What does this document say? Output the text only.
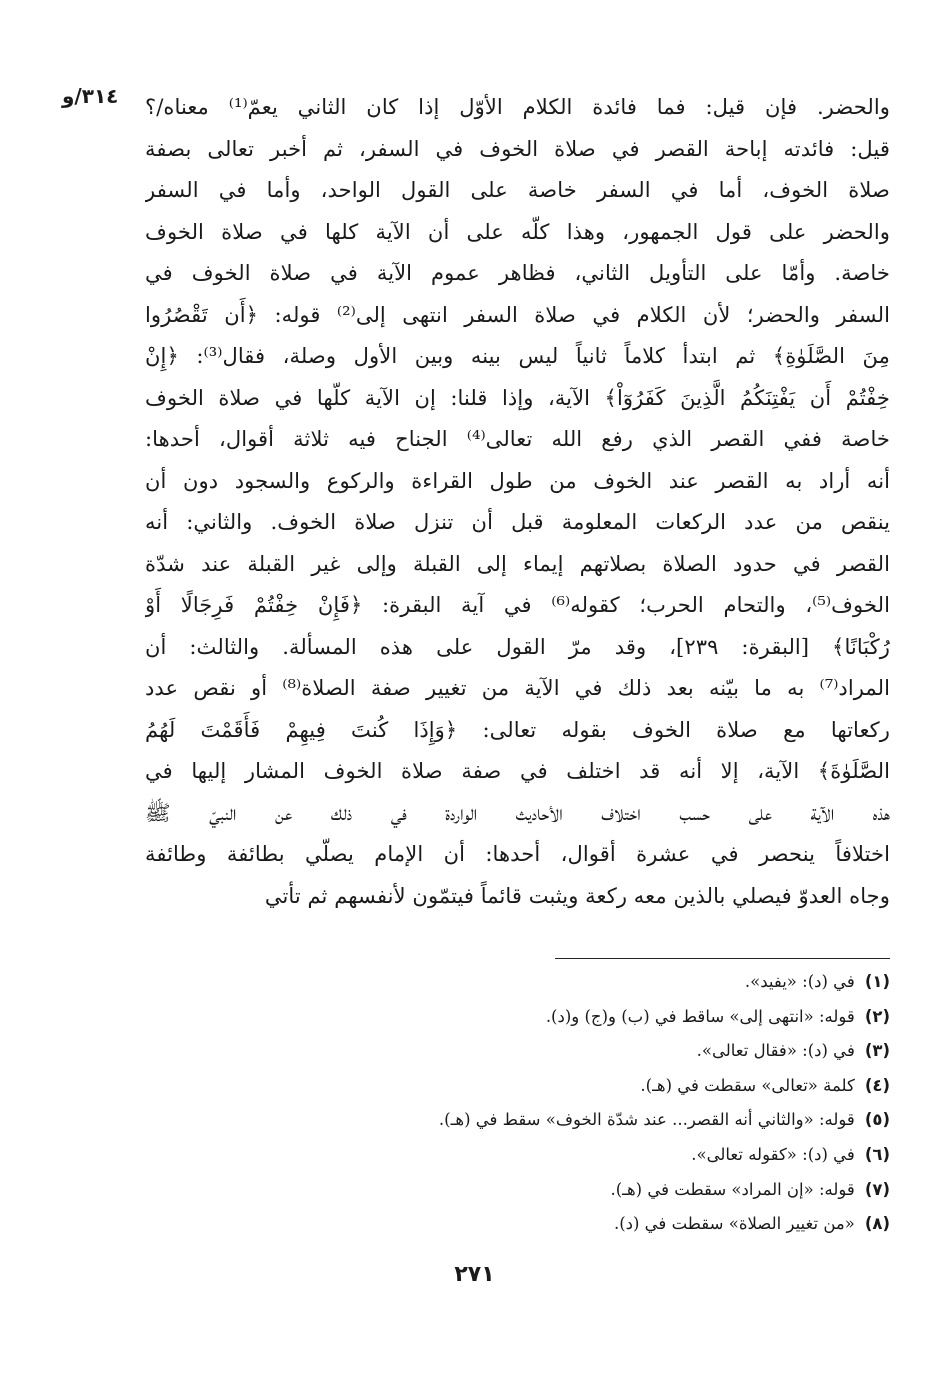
٣١٤/و والحضر. فإن قيل: فما فائدة الكلام الأوّل إذا كان الثاني يعمّ⁽¹⁾ معناه/؟
قيل: فائدته إباحة القصر في صلاة الخوف في السفر، ثم أخبر تعالى بصفة
صلاة الخوف، أما في السفر خاصة على القول الواحد، وأما في السفر
والحضر على قول الجمهور، وهذا كلّه على أن الآية كلها في صلاة الخوف
خاصة. وأمّا على التأويل الثاني، فظاهر عموم الآية في صلاة الخوف في
السفر والحضر؛ لأن الكلام في صلاة السفر انتهى إلى⁽²⁾ قوله: ﴿أَن تَقْصُرُوا
مِنَ الصَّلَوٰةِ﴾ ثم ابتدأ كلاماً ثانياً ليس بينه وبين الأول وصلة، فقال⁽³⁾: ﴿إِنْ
خِفْتُمْ أَن يَفْتِنَكُمُ الَّذِينَ كَفَرُوٓاْ﴾ الآية، وإذا قلنا: إن الآية كلّها في صلاة الخوف
خاصة ففي القصر الذي رفع الله تعالى⁽⁴⁾ الجناح فيه ثلاثة أقوال، أحدها:
أنه أراد به القصر عند الخوف من طول القراءة والركوع والسجود دون أن
ينقص من عدد الركعات المعلومة قبل أن تنزل صلاة الخوف. والثاني: أنه
القصر في حدود الصلاة بصلاتهم إيماء إلى القبلة وإلى غير القبلة عند شدّة
الخوف⁽⁵⁾، والتحام الحرب؛ كقوله⁽⁶⁾ في آية البقرة: ﴿فَإِنْ خِفْتُمْ فَرِجَالًا أَوْ
رُكْبَانًا﴾ [البقرة: ٢٣٩]، وقد مرّ القول على هذه المسألة. والثالث: أن
المراد⁽⁷⁾ به ما بيّنه بعد ذلك في الآية من تغيير صفة الصلاة⁽⁸⁾ أو نقص عدد
ركعاتها مع صلاة الخوف بقوله تعالى: ﴿وَإِذَا كُنتَ فِيهِمْ فَأَقَمْتَ لَهُمُ
الصَّلَوٰةَ﴾ الآية، إلا أنه قد اختلف في صفة صلاة الخوف المشار إليها في
هذه الآية على حسب اختلاف الأحاديث الواردة في ذلك عن النبيّ ﷺ
اختلافاً ينحصر في عشرة أقوال، أحدها: أن الإمام يصلّي بطائفة وطائفة
وجاه العدوّ فيصلي بالذين معه ركعة ويثبت قائماً فيتمّون لأنفسهم ثم تأتي
(١)في (د): «يفيد».
(٢)قوله: «انتهى إلى» ساقط في (ب) و(ج) و(د).
(٣)في (د): «فقال تعالى».
(٤)كلمة «تعالى» سقطت في (هـ).
(٥)قوله: «والثاني أنه القصر... عند شدّة الخوف» سقط في (هـ).
(٦)في (د): «كقوله تعالى».
(٧)قوله: «إن المراد» سقطت في (هـ).
(٨)«من تغيير الصلاة» سقطت في (د).
٢٧١
